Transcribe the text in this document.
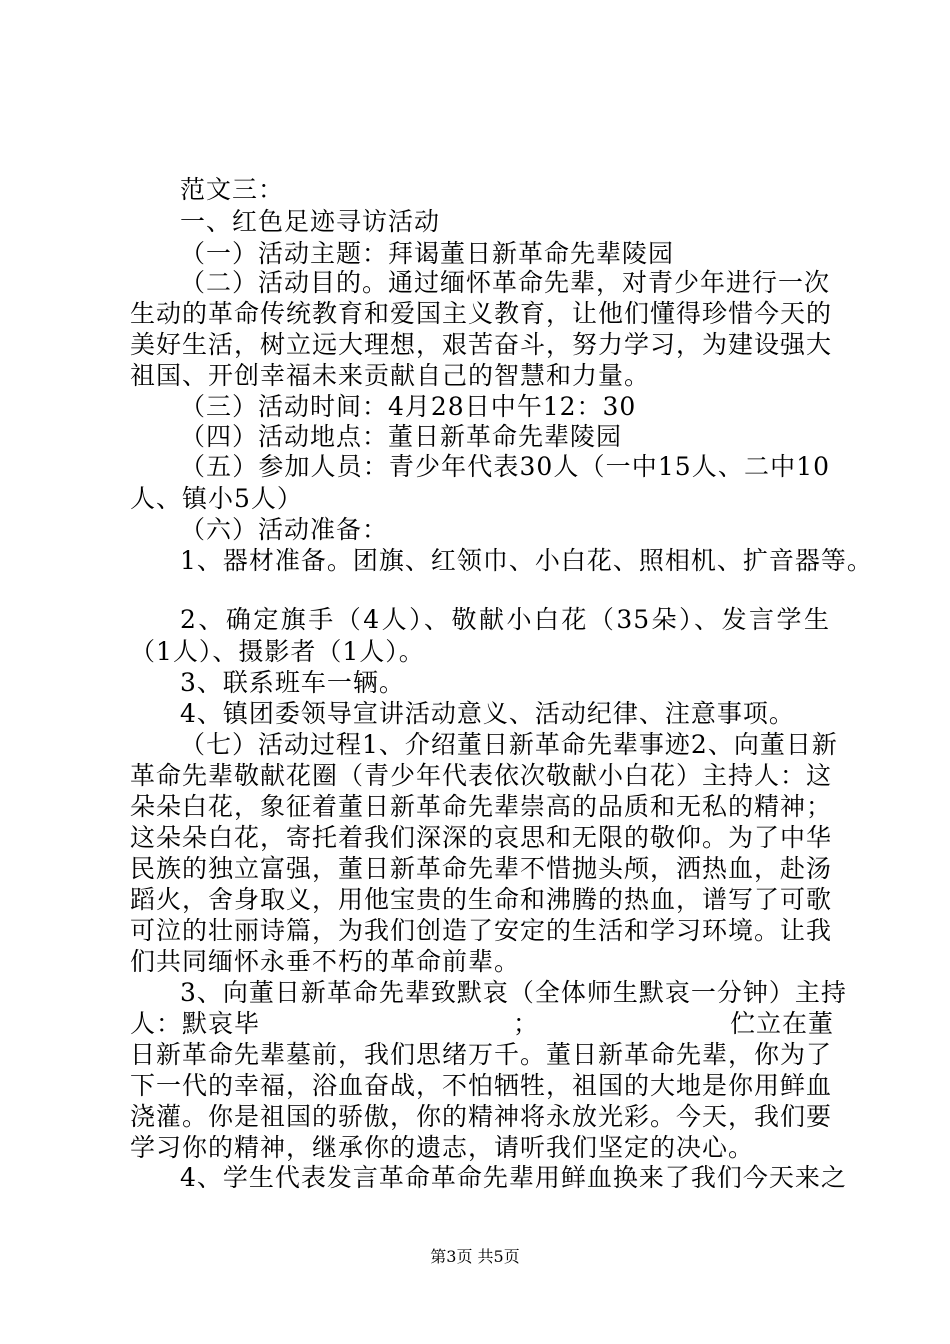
范文三：
一、红色足迹寻访活动
（一）活动主题：拜谒董日新革命先辈陵园
（二）活动目的。通过缅怀革命先辈，对青少年进行一次
生动的革命传统教育和爱国主义教育，让他们懂得珍惜今天的
美好生活，树立远大理想，艰苦奋斗，努力学习，为建设强大
祖国、开创幸福未来贡献自己的智慧和力量。
（三）活动时间：4月28日中午12：30
（四）活动地点：董日新革命先辈陵园
（五）参加人员：青少年代表30人（一中15人、二中10
人、镇小5人）
（六）活动准备：
1、器材准备。团旗、红领巾、小白花、照相机、扩音器等。
2、确定旗手（4人）、敬献小白花（35朵）、发言学生
（1人）、摄影者（1人）。
3、联系班车一辆。
4、镇团委领导宣讲活动意义、活动纪律、注意事项。
（七）活动过程1、介绍董日新革命先辈事迹2、向董日新
革命先辈敬献花圈（青少年代表依次敬献小白花）主持人：这
朵朵白花，象征着董日新革命先辈崇高的品质和无私的精神；
这朵朵白花，寄托着我们深深的哀思和无限的敬仰。为了中华
民族的独立富强，董日新革命先辈不惜抛头颅，洒热血，赴汤
蹈火，舍身取义，用他宝贵的生命和沸腾的热血，谱写了可歌
可泣的壮丽诗篇，为我们创造了安定的生活和学习环境。让我
们共同缅怀永垂不朽的革命前辈。
3、向董日新革命先辈致默哀（全体师生默哀一分钟）主持
人：默哀毕	；	伫立在董
日新革命先辈墓前，我们思绪万千。董日新革命先辈，你为了
下一代的幸福，浴血奋战，不怕牺牲，祖国的大地是你用鲜血
浇灌。你是祖国的骄傲，你的精神将永放光彩。今天，我们要
学习你的精神，继承你的遗志，请听我们坚定的决心。
4、学生代表发言革命革命先辈用鲜血换来了我们今天来之
第3页 共5页
